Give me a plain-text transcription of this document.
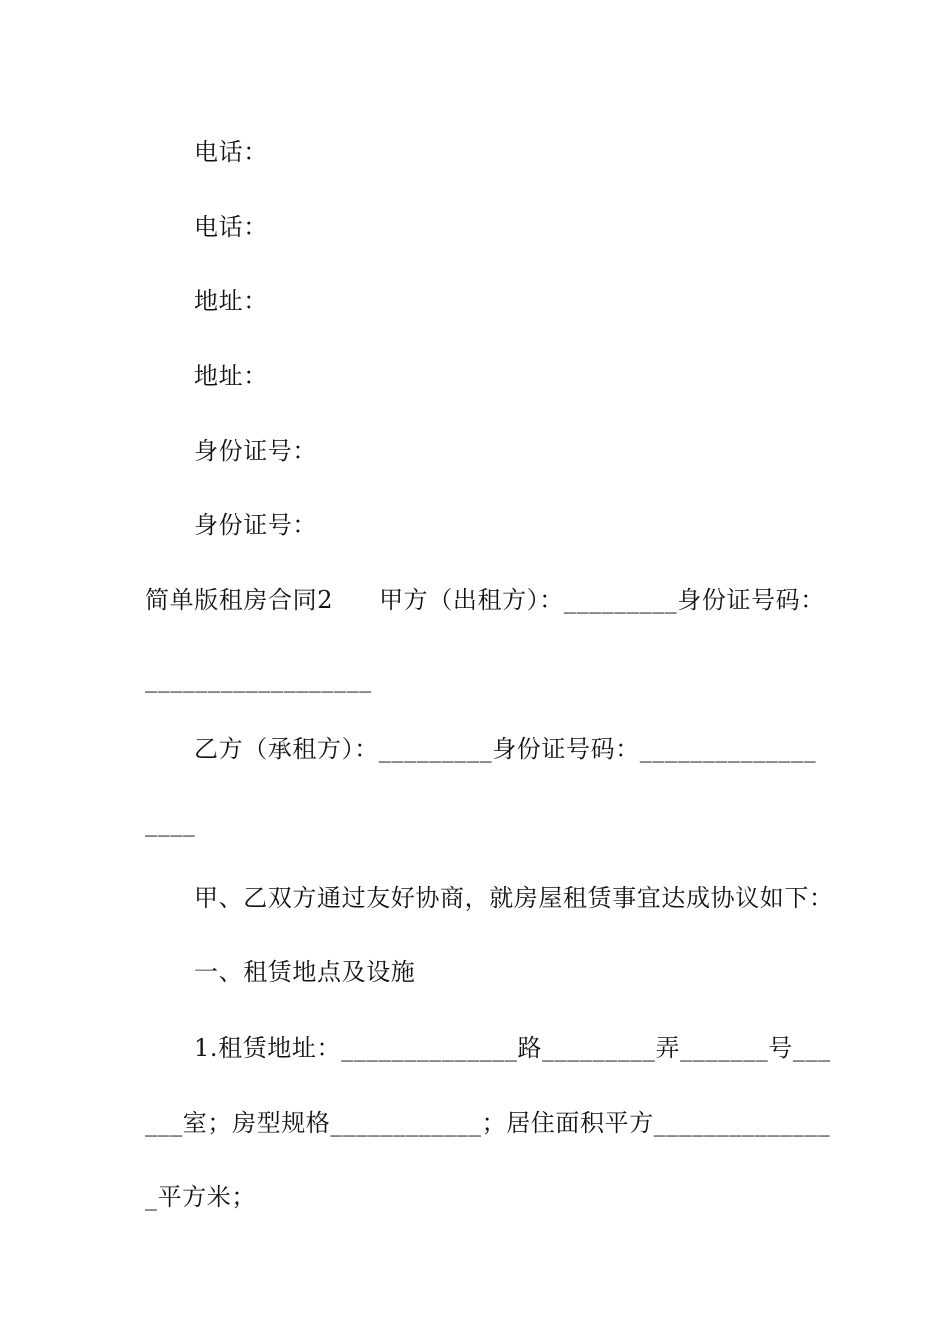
电话：
电话：
地址：
地址：
身份证号：
身份证号：
简单版租房合同2 甲方（出租方）：_________身份证号码：
__________________
乙方（承租方）：_________身份证号码：______________
____
甲、乙双方通过友好协商，就房屋租赁事宜达成协议如下：
一、租赁地点及设施
1.租赁地址：______________路_________弄_______号___
___室；房型规格____________；居住面积平方______________
_平方米；
